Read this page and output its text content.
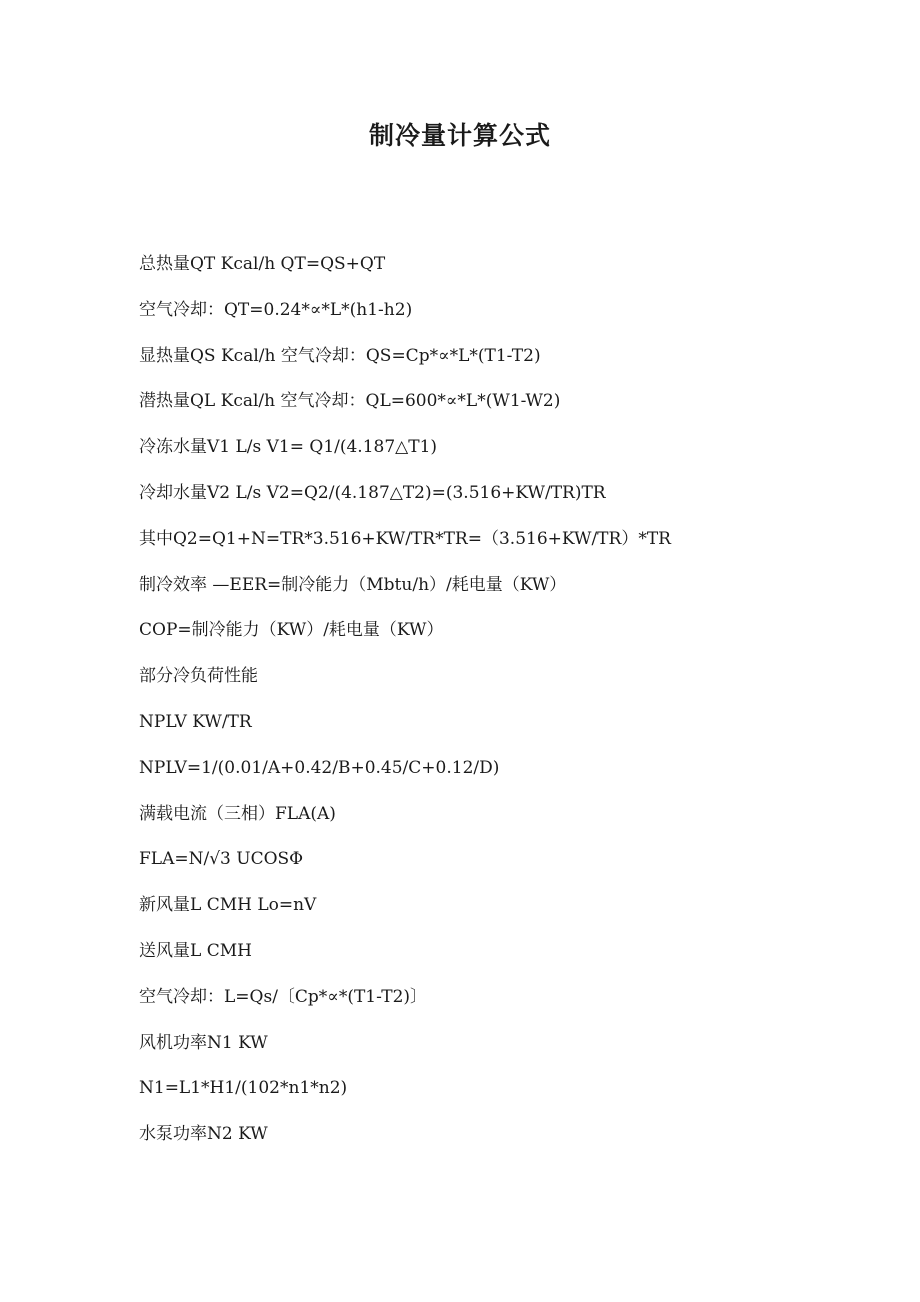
制冷量计算公式
总热量QT Kcal/h QT=QS+QT
空气冷却：QT=0.24*∝*L*(h1-h2)
显热量QS Kcal/h 空气冷却：QS=Cp*∝*L*(T1-T2)
潜热量QL Kcal/h 空气冷却：QL=600*∝*L*(W1-W2)
冷冻水量V1 L/s V1= Q1/(4.187△T1)
冷却水量V2 L/s V2=Q2/(4.187△T2)=(3.516+KW/TR)TR
其中Q2=Q1+N=TR*3.516+KW/TR*TR=（3.516+KW/TR）*TR
制冷效率 —EER=制冷能力（Mbtu/h）/耗电量（KW）
COP=制冷能力（KW）/耗电量（KW）
部分冷负荷性能
NPLV KW/TR
NPLV=1/(0.01/A+0.42/B+0.45/C+0.12/D)
满载电流（三相）FLA(A)
FLA=N/√3 UCOSΦ
新风量L CMH Lo=nV
送风量L CMH
空气冷却：L=Qs/〔Cp*∝*(T1-T2)〕
风机功率N1 KW
N1=L1*H1/(102*n1*n2)
水泵功率N2 KW
